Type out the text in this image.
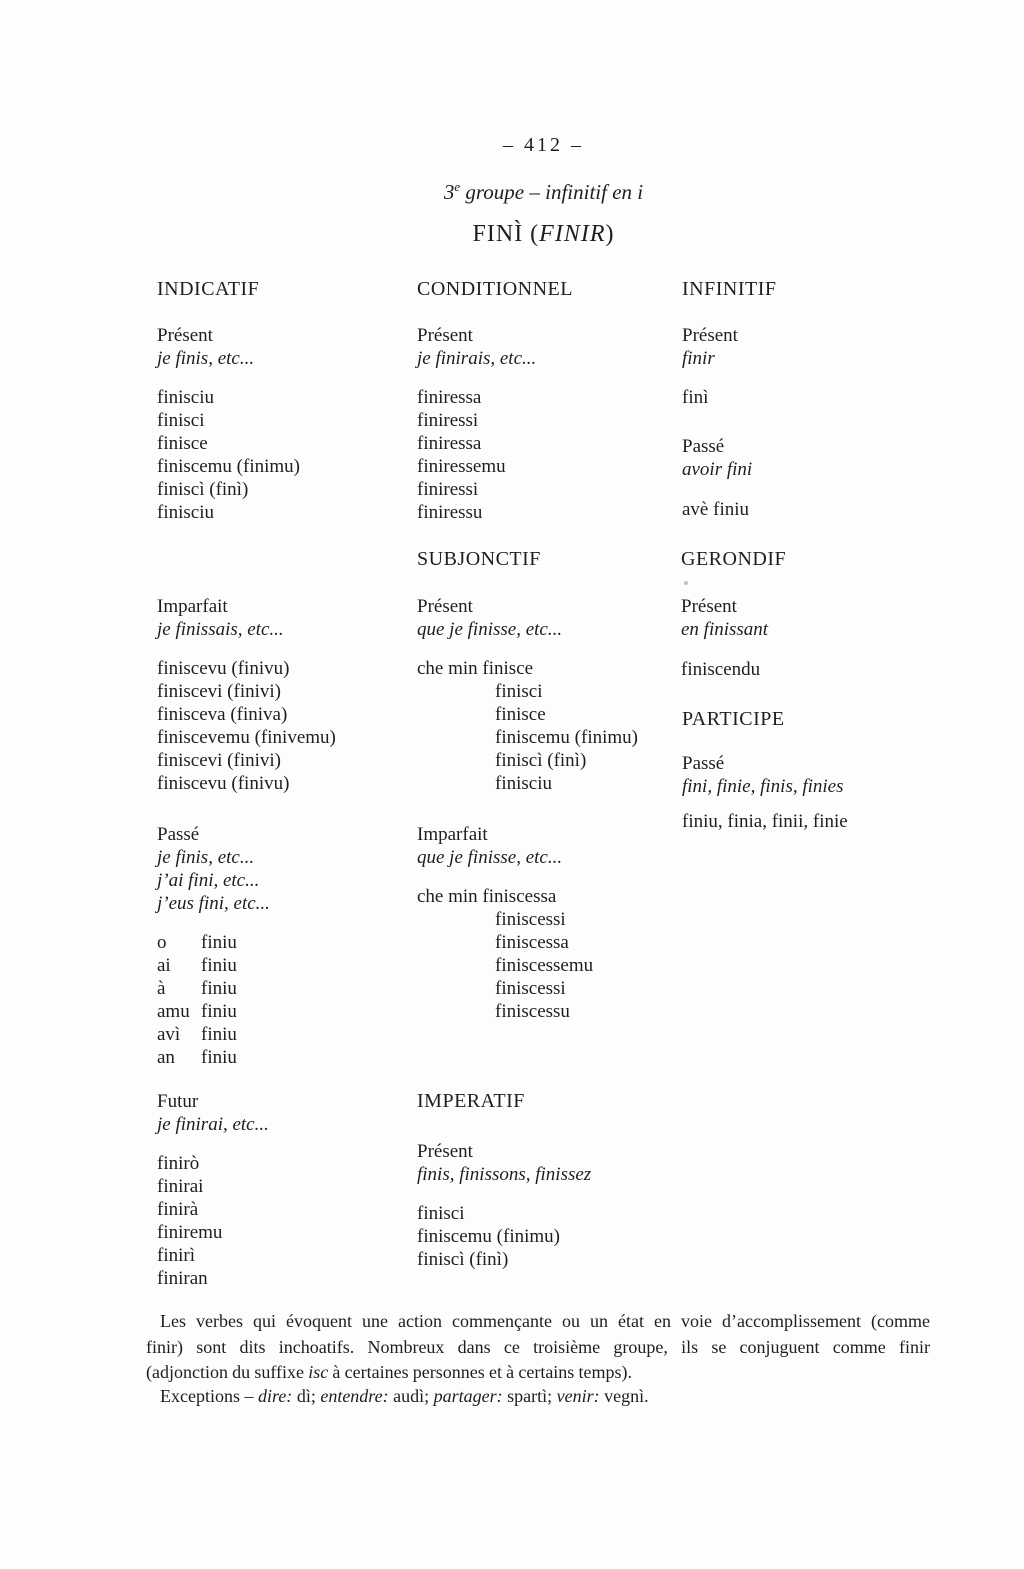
– 412 –
3e groupe – infinitif en i
FINÌ (FINIR)
INDICATIF	CONDITIONNEL	INFINITIF
SUBJONCTIF	GERONDIF
PARTICIPE
IMPERATIF
Présent
je finis, etc...
finisciu
finisci
finisce
finiscemu (finimu)
finiscì (finì)
finisciu
Présent
je finirais, etc...
finiressa
finiressi
finiressa
finiressemu
finiressi
finiressu
Présent
finir
finì
Passé
avoir fini
avè finiu
Imparfait
je finissais, etc...
finiscevu (finivu)
finiscevi (finivi)
finisceva (finiva)
finiscevemu (finivemu)
finiscevi (finivi)
finiscevu (finivu)
Présent
que je finisse, etc...
che min finisce
finisci
finisce
finiscemu (finimu)
finiscì (finì)
finisciu
Présent
en finissant
finiscendu
Passé
fini, finie, finis, finies
finiu, finia, finii, finie
Passé
je finis, etc...
j’ai fini, etc...
j’eus fini, etc...
o finiu
ai finiu
à finiu
amu finiu
avì finiu
an finiu
Imparfait
que je finisse, etc...
che min finiscessa
finiscessi
finiscessa
finiscessemu
finiscessi
finiscessu
Futur
je finirai, etc...
finirò
finirai
finirà
finiremu
finirì
finiran
Présent
finis, finissons, finissez
finisci
finiscemu (finimu)
finiscì (finì)
Les verbes qui évoquent une action commençante ou un état en voie d’accomplissement (comme
finir) sont dits inchoatifs. Nombreux dans ce troisième groupe, ils se conjuguent comme finir
(adjonction du suffixe isc à certaines personnes et à certains temps).
Exceptions – dire: dì; entendre: audì; partager: spartì; venir: vegnì.
